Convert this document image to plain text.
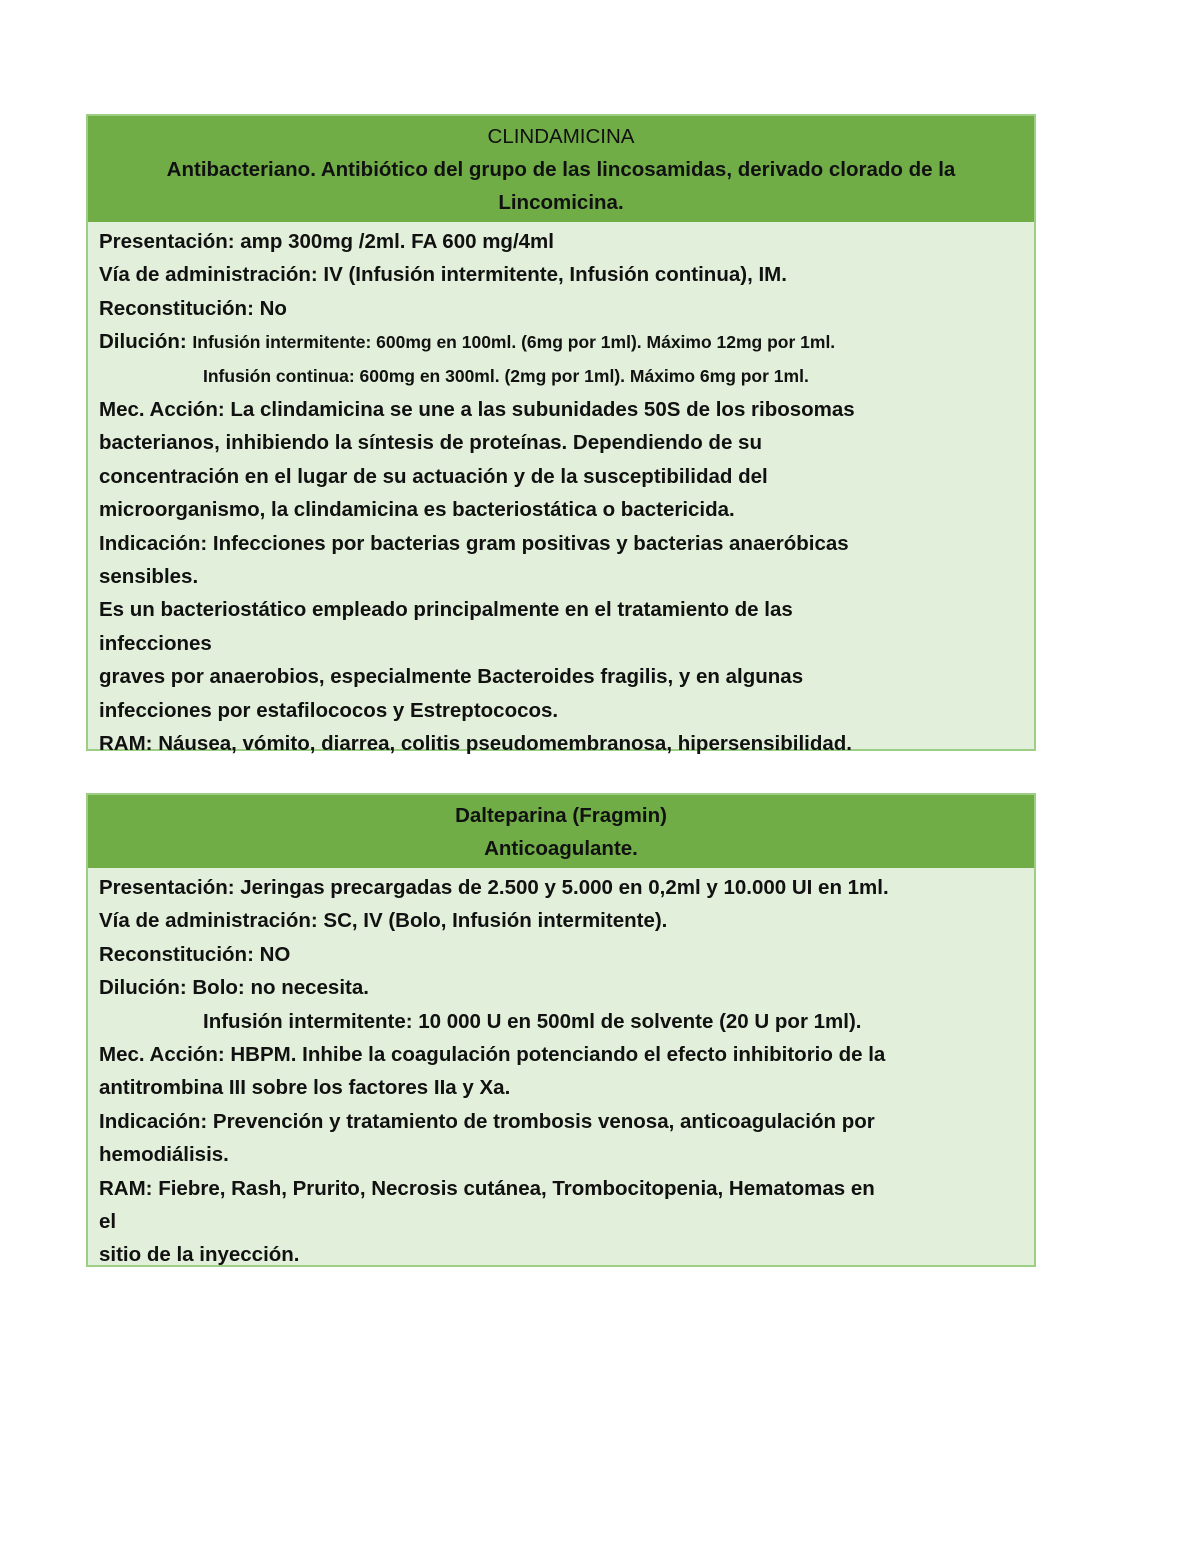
CLINDAMICINA
Antibacteriano. Antibiótico del grupo de las lincosamidas, derivado clorado de la
Lincomicina.
Presentación: amp 300mg /2ml. FA 600 mg/4ml
Vía de administración: IV (Infusión intermitente, Infusión continua), IM.
Reconstitución: No
Dilución: Infusión intermitente: 600mg en 100ml. (6mg por 1ml). Máximo 12mg por 1ml.
Infusión continua: 600mg en 300ml. (2mg por 1ml). Máximo 6mg por 1ml.
Mec. Acción: La clindamicina se une a las subunidades 50S de los ribosomas
bacterianos, inhibiendo la síntesis de proteínas. Dependiendo de su
concentración en el lugar de su actuación y de la susceptibilidad del
microorganismo, la clindamicina es bacteriostática o bactericida.
Indicación: Infecciones por bacterias gram positivas y bacterias anaeróbicas
sensibles.
Es un bacteriostático empleado principalmente en el tratamiento de las
infecciones
graves por anaerobios, especialmente Bacteroides fragilis, y en algunas
infecciones por estafilococos y Estreptococos.
RAM: Náusea, vómito, diarrea, colitis pseudomembranosa, hipersensibilidad.
Dalteparina (Fragmin)
Anticoagulante.
Presentación: Jeringas precargadas de 2.500 y 5.000 en 0,2ml y 10.000 UI en 1ml.
Vía de administración: SC, IV (Bolo, Infusión intermitente).
Reconstitución: NO
Dilución: Bolo: no necesita.
Infusión intermitente: 10 000 U en 500ml de solvente (20 U por 1ml).
Mec. Acción: HBPM. Inhibe la coagulación potenciando el efecto inhibitorio de la
antitrombina III sobre los factores IIa y Xa.
Indicación: Prevención y tratamiento de trombosis venosa, anticoagulación por
hemodiálisis.
RAM: Fiebre, Rash, Prurito, Necrosis cutánea, Trombocitopenia, Hematomas en
el
sitio de la inyección.
